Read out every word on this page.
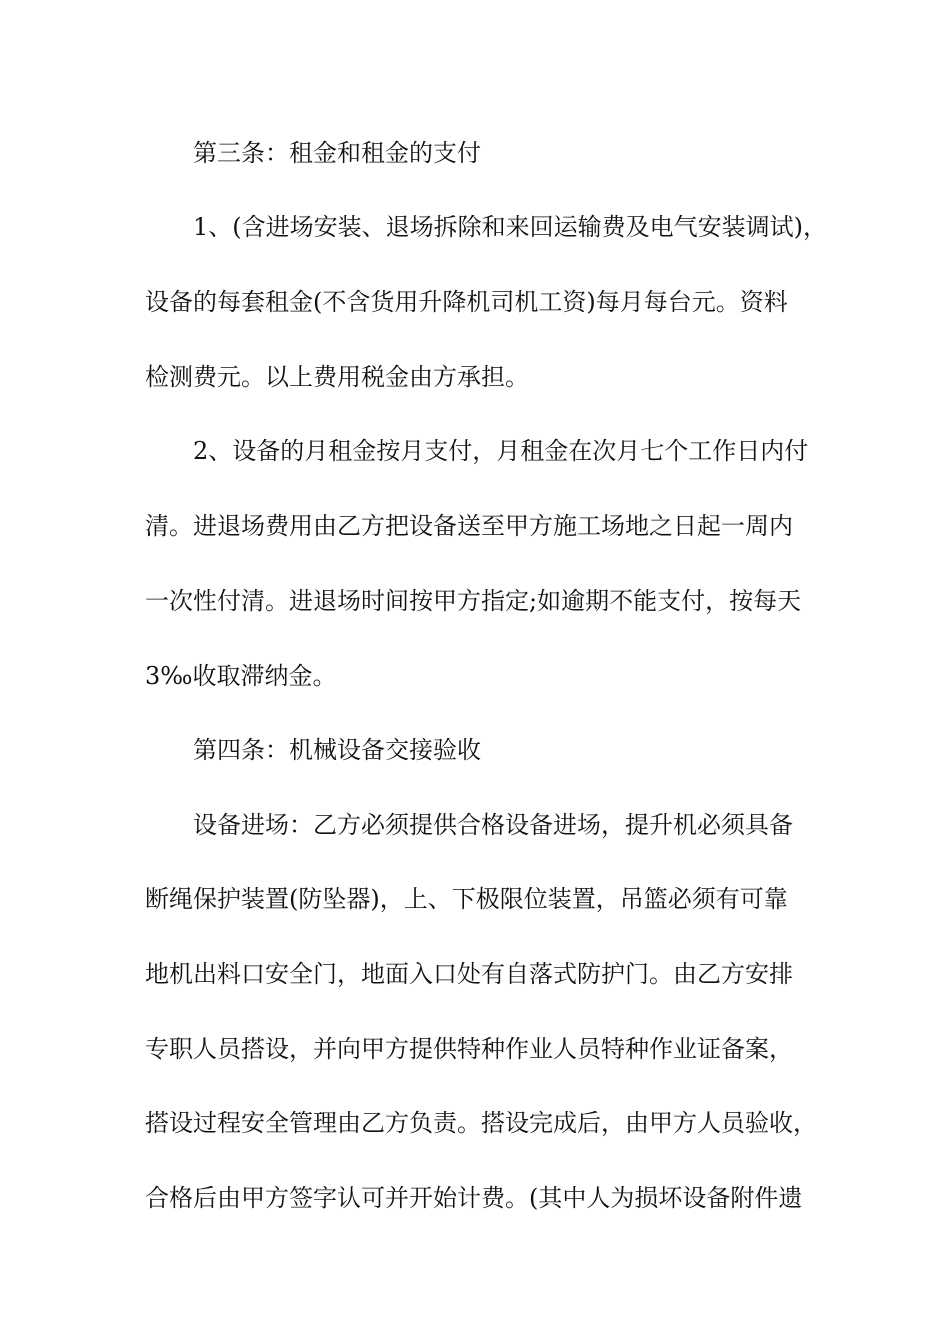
第三条：租金和租金的支付
1、(含进场安装、退场拆除和来回运输费及电气安装调试)，
设备的每套租金(不含货用升降机司机工资)每月每台元。资料
检测费元。以上费用税金由方承担。
2、设备的月租金按月支付，月租金在次月七个工作日内付
清。进退场费用由乙方把设备送至甲方施工场地之日起一周内
一次性付清。进退场时间按甲方指定;如逾期不能支付，按每天
3‰收取滞纳金。
第四条：机械设备交接验收
设备进场：乙方必须提供合格设备进场，提升机必须具备
断绳保护装置(防坠器)，上、下极限位装置，吊篮必须有可靠
地机出料口安全门，地面入口处有自落式防护门。由乙方安排
专职人员搭设，并向甲方提供特种作业人员特种作业证备案，
搭设过程安全管理由乙方负责。搭设完成后，由甲方人员验收，
合格后由甲方签字认可并开始计费。(其中人为损坏设备附件遗
